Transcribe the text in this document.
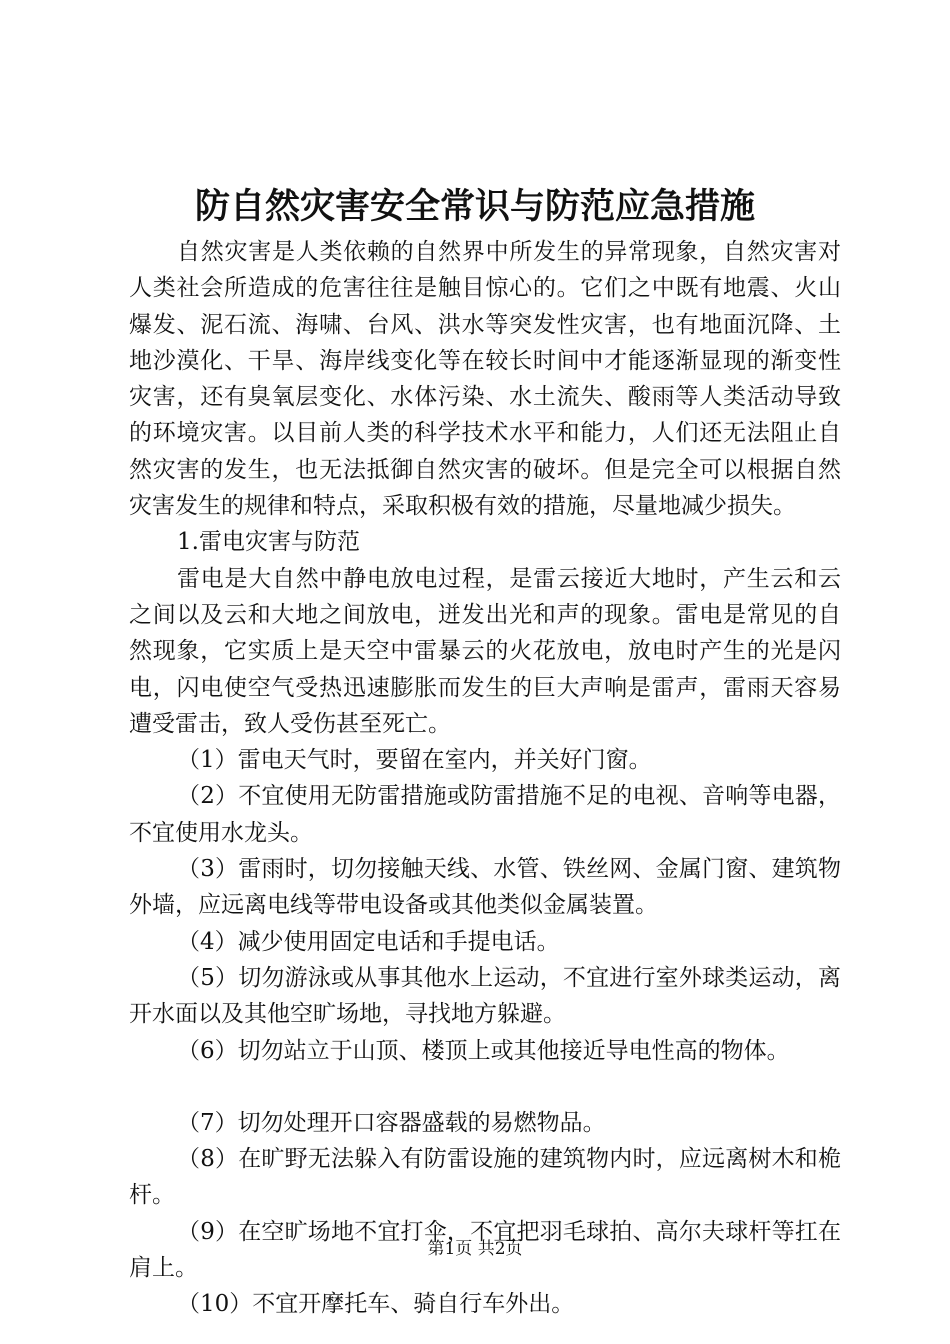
防自然灾害安全常识与防范应急措施

自然灾害是人类依赖的自然界中所发生的异常现象，自然灾害对人类社会所造成的危害往往是触目惊心的。它们之中既有地震、火山爆发、泥石流、海啸、台风、洪水等突发性灾害，也有地面沉降、土地沙漠化、干旱、海岸线变化等在较长时间中才能逐渐显现的渐变性灾害，还有臭氧层变化、水体污染、水土流失、酸雨等人类活动导致的环境灾害。以目前人类的科学技术水平和能力，人们还无法阻止自然灾害的发生，也无法抵御自然灾害的破坏。但是完全可以根据自然灾害发生的规律和特点，采取积极有效的措施，尽量地减少损失。

1.雷电灾害与防范

雷电是大自然中静电放电过程，是雷云接近大地时，产生云和云之间以及云和大地之间放电，迸发出光和声的现象。雷电是常见的自然现象，它实质上是天空中雷暴云的火花放电，放电时产生的光是闪电，闪电使空气受热迅速膨胀而发生的巨大声响是雷声，雷雨天容易遭受雷击，致人受伤甚至死亡。

（1）雷电天气时，要留在室内，并关好门窗。

（2）不宜使用无防雷措施或防雷措施不足的电视、音响等电器，不宜使用水龙头。

（3）雷雨时，切勿接触天线、水管、铁丝网、金属门窗、建筑物外墙，应远离电线等带电设备或其他类似金属装置。

（4）减少使用固定电话和手提电话。

（5）切勿游泳或从事其他水上运动，不宜进行室外球类运动，离开水面以及其他空旷场地，寻找地方躲避。

（6）切勿站立于山顶、楼顶上或其他接近导电性高的物体。

（7）切勿处理开口容器盛载的易燃物品。

（8）在旷野无法躲入有防雷设施的建筑物内时，应远离树木和桅杆。

（9）在空旷场地不宜打伞，不宜把羽毛球拍、高尔夫球杆等扛在肩上。

（10）不宜开摩托车、骑自行车外出。

第1页 共2页
